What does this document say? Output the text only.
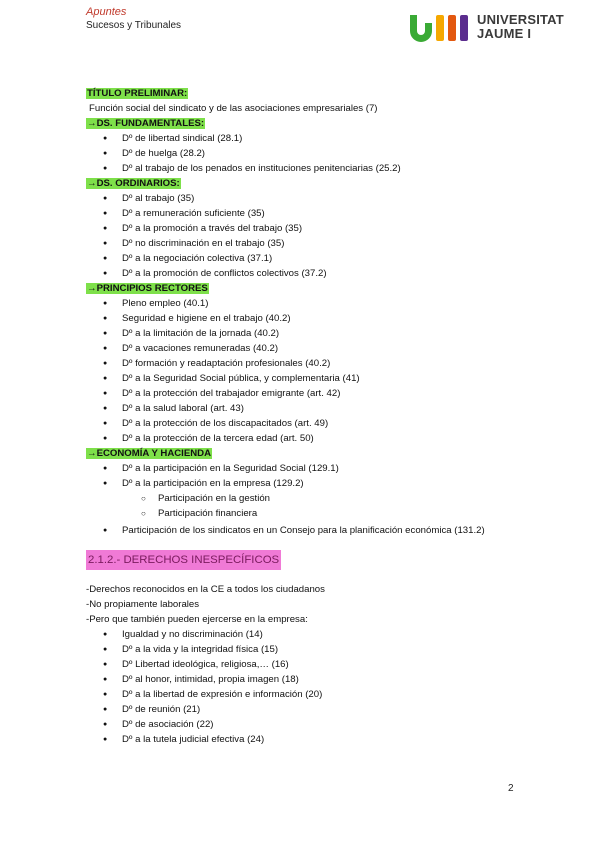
Apuntes
Sucesos y Tribunales	UNIVERSITAT
JAUME I
TÍTULO PRELIMINAR:
Función social del sindicato y de las asociaciones empresariales (7)
→DS. FUNDAMENTALES:
● Dº de libertad sindical (28.1)
● Dº de huelga (28.2)
● Dº al trabajo de los penados en instituciones penitenciarias (25.2)
→DS. ORDINARIOS:
● Dº al trabajo (35)
● Dº a remuneración suficiente (35)
● Dº a la promoción a través del trabajo (35)
● Dº no discriminación en el trabajo (35)
● Dº a la negociación colectiva (37.1)
● Dº a la promoción de conflictos colectivos (37.2)
→PRINCIPIOS RECTORES
● Pleno empleo (40.1)
● Seguridad e higiene en el trabajo (40.2)
● Dº a la limitación de la jornada (40.2)
● Dº a vacaciones remuneradas (40.2)
● Dº formación y readaptación profesionales (40.2)
● Dº a la Seguridad Social pública, y complementaria (41)
● Dº a la protección del trabajador emigrante (art. 42)
● Dº a la salud laboral (art. 43)
● Dº a la protección de los discapacitados (art. 49)
● Dº a la protección de la tercera edad (art. 50)
→ECONOMÍA Y HACIENDA
● Dº a la participación en la Seguridad Social (129.1)
● Dº a la participación en la empresa (129.2)
○ Participación en la gestión
○ Participación financiera
● Participación de los sindicatos en un Consejo para la planificación económica (131.2)
2.1.2.- DERECHOS INESPECÍFICOS
-Derechos reconocidos en la CE a todos los ciudadanos
-No propiamente laborales
-Pero que también pueden ejercerse en la empresa:
● Igualdad y no discriminación (14)
● Dº a la vida y la integridad física (15)
● Dº Libertad ideológica, religiosa,… (16)
● Dº al honor, intimidad, propia imagen (18)
● Dº a la libertad de expresión e información (20)
● Dº de reunión (21)
● Dº de asociación (22)
● Dº a la tutela judicial efectiva (24)
2
